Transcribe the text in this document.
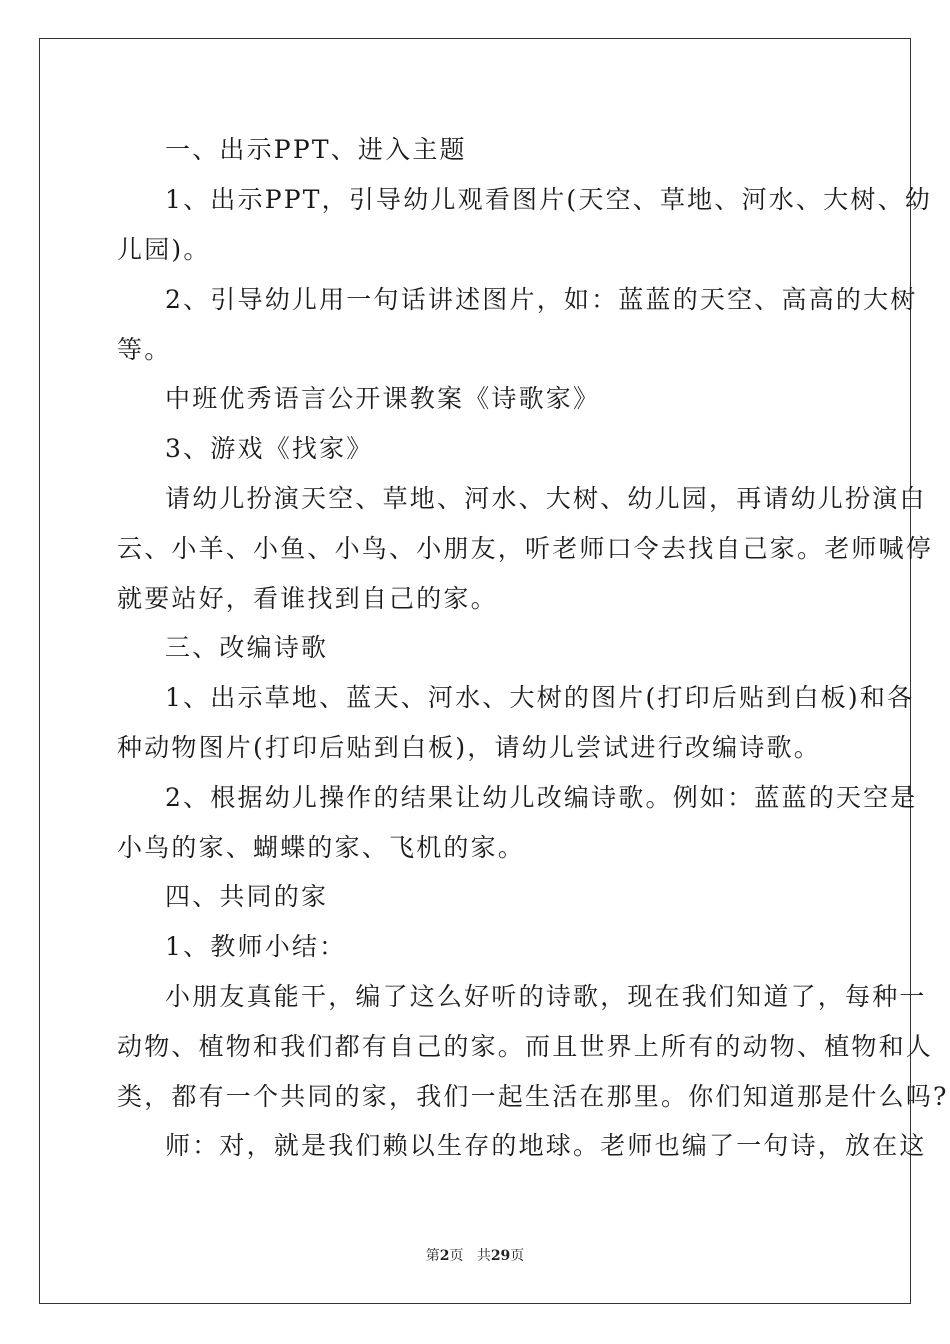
一、出示PPT、进入主题
1、出示PPT，引导幼儿观看图片(天空、草地、河水、大树、幼
儿园)。
2、引导幼儿用一句话讲述图片，如：蓝蓝的天空、高高的大树
等。
中班优秀语言公开课教案《诗歌家》
3、游戏《找家》
请幼儿扮演天空、草地、河水、大树、幼儿园，再请幼儿扮演白
云、小羊、小鱼、小鸟、小朋友，听老师口令去找自己家。老师喊停
就要站好，看谁找到自己的家。
三、改编诗歌
1、出示草地、蓝天、河水、大树的图片(打印后贴到白板)和各
种动物图片(打印后贴到白板)，请幼儿尝试进行改编诗歌。
2、根据幼儿操作的结果让幼儿改编诗歌。例如：蓝蓝的天空是
小鸟的家、蝴蝶的家、飞机的家。
四、共同的家
1、教师小结：
小朋友真能干，编了这么好听的诗歌，现在我们知道了，每种一
动物、植物和我们都有自己的家。而且世界上所有的动物、植物和人
类，都有一个共同的家，我们一起生活在那里。你们知道那是什么吗?
师：对，就是我们赖以生存的地球。老师也编了一句诗，放在这
第2页 共29页
